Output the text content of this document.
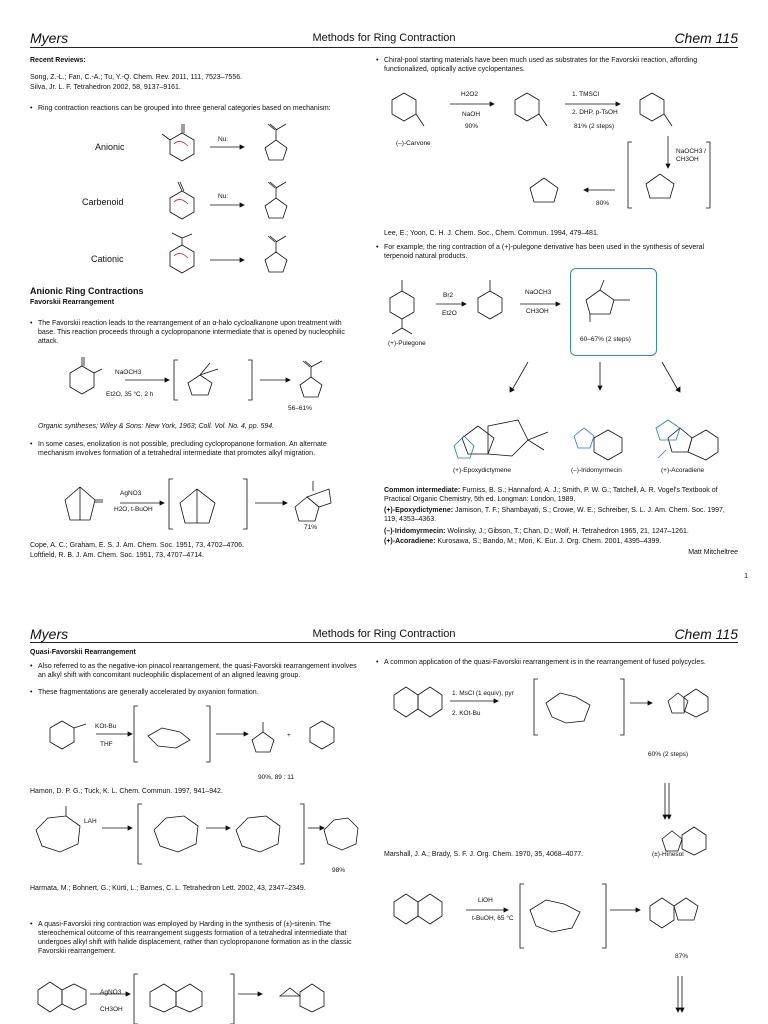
Myers	Methods for Ring Contraction	Chem 115
Recent Reviews:
Song, Z.-L.; Fan, C.-A.; Tu, Y.-Q. Chem. Rev. 2011, 111, 7523–7556.
Silva, Jr. L. F. Tetrahedron 2002, 58, 9137–9161.
• Ring contraction reactions can be grouped into three general categories based on mechanism:
Anionic
Carbenoid
Cationic
Nu:
Nu:
Anionic Ring Contractions
Favorskii Rearrangement
• The Favorskii reaction leads to the rearrangement of an α-halo cycloalkanone upon treatment with base. This reaction proceeds through a cyclopropanone intermediate that is opened by nucleophilic attack.
NaOCH3
Et2O, 35 °C, 2 h
56–61%
Organic syntheses; Wiley & Sons: New York, 1963; Coll. Vol. No. 4, pp. 594.
• In some cases, enolization is not possible, precluding cyclopropanone formation. An alternate mechanism involves formation of a tetrahedral intermediate that promotes alkyl migration.
AgNO3
H2O, t-BuOH
71%
Cope, A. C.; Graham, E. S. J. Am. Chem. Soc. 1951, 73, 4702–4706.
Loftfield, R. B. J. Am. Chem. Soc. 1951, 73, 4707–4714.
• Chiral-pool starting materials have been much used as substrates for the Favorskii reaction, affording functionalized, optically active cyclopentanes.
(–)-Carvone
H2O2
NaOH
90%
1. TMSCl
2. DHP, p-TsOH
81% (2 steps)
NaOCH3 / CH3OH
80%
Lee, E.; Yoon, C. H. J. Chem. Soc., Chem. Commun. 1994, 479–481.
• For example, the ring contraction of a (+)-pulegone derivative has been used in the synthesis of several terpenoid natural products.
(+)-Pulegone
Br2
Et2O
NaOCH3
CH3OH
60–67% (2 steps)
(+)-Epoxydictymene	(–)-Iridomyrmecin	(+)-Acoradiene
Common intermediate: Furniss, B. S.; Hannaford, A. J.; Smith, P. W. G.; Tatchell, A. R. Vogel's Textbook of Practical Organic Chemistry, 5th ed. Longman: London, 1989.
(+)-Epoxydictymene: Jamison, T. F.; Shambayati, S.; Crowe, W. E.; Schreiber, S. L. J. Am. Chem. Soc. 1997, 119, 4353–4363.
(–)-Iridomyrmecin: Wolinsky, J.; Gibson, T.; Chan, D.; Wolf, H. Tetrahedron 1965, 21, 1247–1261.
(+)-Acoradiene: Kurosawa, S.; Bando, M.; Mori, K. Eur. J. Org. Chem. 2001, 4395–4399.
Matt Mitcheltree
1
Myers	Methods for Ring Contraction	Chem 115
Quasi-Favorskii Rearrangement
• Also referred to as the negative-ion pinacol rearrangement, the quasi-Favorskii rearrangement involves an alkyl shift with concomitant nucleophilic displacement of an aligned leaving group.
• These fragmentations are generally accelerated by oxyanion formation.
KOt-Bu
THF
+
90%, 89 : 11
Hamon, D. P. G.; Tuck, K. L. Chem. Commun. 1997, 941–942.
LAH
98%
Harmata, M.; Bohnert, G.; Kürti, L.; Barnes, C. L. Tetrahedron Lett. 2002, 43, 2347–2349.
• A quasi-Favorskii ring contraction was employed by Harding in the synthesis of (±)-sirenin. The stereochemical outcome of this rearrangement suggests formation of a tetrahedral intermediate that undergoes alkyl shift with halide displacement, rather than cyclopropanone formation as in the classic Favorskii rearrangement.
AgNO3
CH3OH
• A common application of the quasi-Favorskii rearrangement is in the rearrangement of fused polycycles.
1. MsCl (1 equiv), pyr
2. KOt-Bu
60% (2 steps)
Marshall, J. A.; Brady, S. F. J. Org. Chem. 1970, 35, 4068–4077.	(±)-Hinesol
LiOH
t-BuOH, 65 °C
87%
